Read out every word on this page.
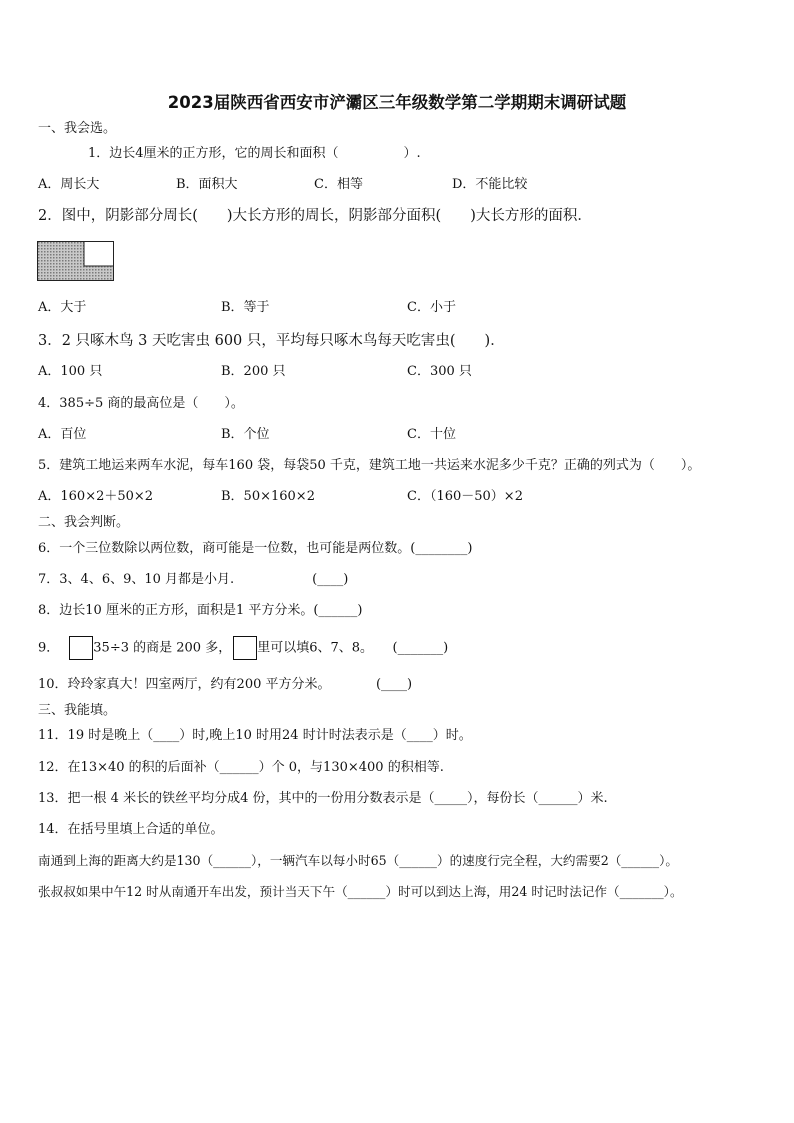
2023届陕西省西安市浐灞区三年级数学第二学期期末调研试题
一、我会选。
1．边长4厘米的正方形，它的周长和面积（　　　　　）.
A．周长大	B．面积大	C．相等	D．不能比较
2．图中，阴影部分周长(　　)大长方形的周长，阴影部分面积(　　)大长方形的面积．
A．大于	B．等于	C．小于
3．2 只啄木鸟 3 天吃害虫 600 只，平均每只啄木鸟每天吃害虫(　　)．
A．100 只	B．200 只	C．300 只
4．385÷5 商的最高位是（　　）。
A．百位	B．个位	C．十位
5．建筑工地运来两车水泥，每车160 袋，每袋50 千克，建筑工地一共运来水泥多少千克？正确的列式为（　　）。
A．160×2＋50×2	B．50×160×2	C．（160－50）×2
二、我会判断。
6．一个三位数除以两位数，商可能是一位数，也可能是两位数。(________)
7．3、4、6、9、10 月都是小月.　　　　　　(____)
8．边长10 厘米的正方形，面积是1 平方分米。(______)
9．	35÷3 的商是 200 多， 里可以填6、7、8。　　(_______)
10．玲玲家真大！四室两厅，约有200 平方分米。　　　　(____)
三、我能填。
11．19 时是晚上（____）时,晚上10 时用24 时计时法表示是（____）时。
12．在13×40 的积的后面补（______）个 0，与130×400 的积相等.
13．把一根 4 米长的铁丝平均分成4 份，其中的一份用分数表示是（_____），每份长（______）米.
14．在括号里填上合适的单位。
南通到上海的距离大约是130（______），一辆汽车以每小时65（______）的速度行完全程，大约需要2（______）。
张叔叔如果中午12 时从南通开车出发，预计当天下午（______）时可以到达上海，用24 时记时法记作（_______）。
